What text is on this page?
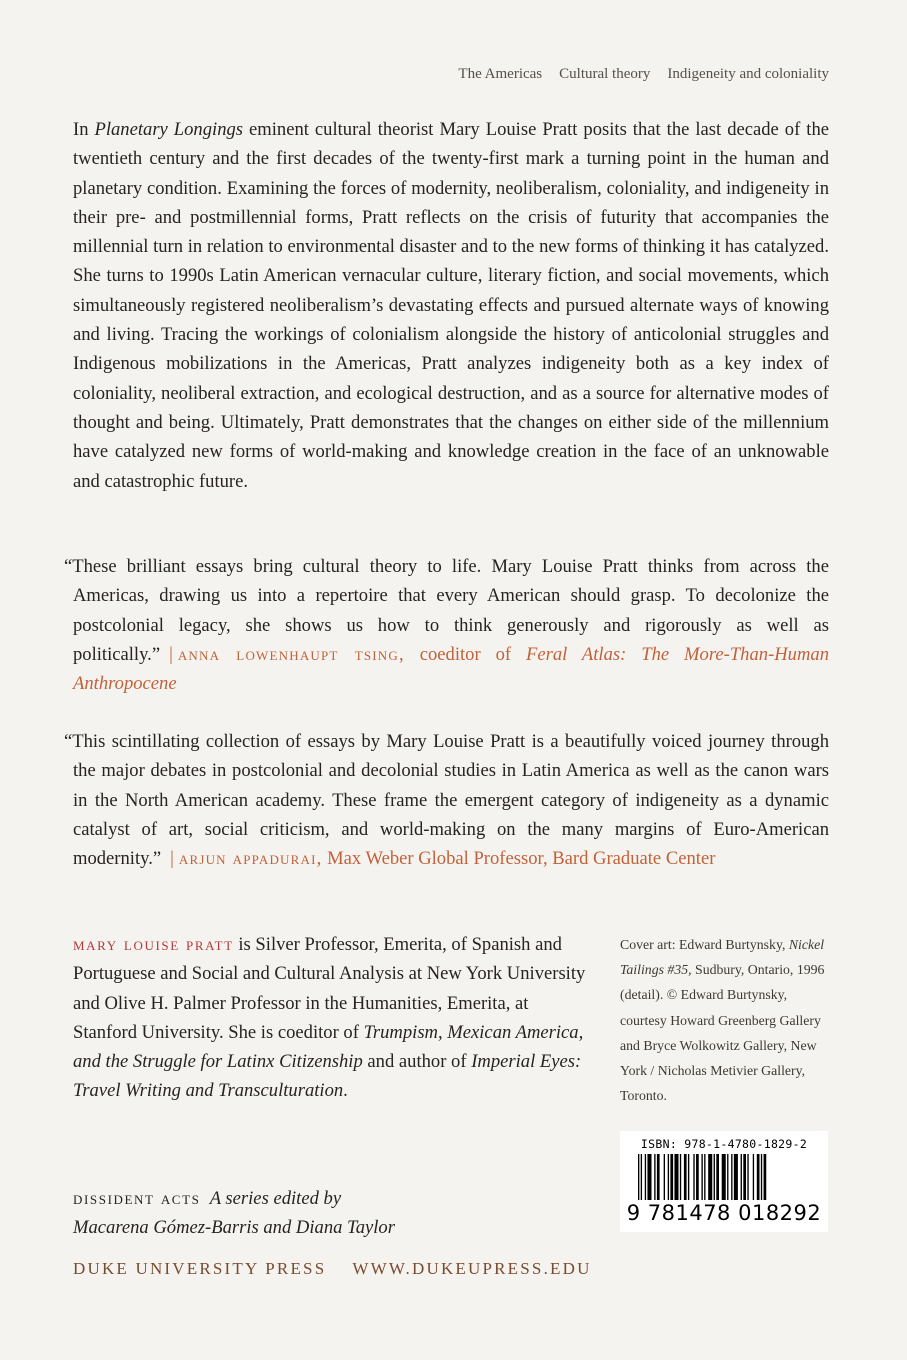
The Americas Cultural theory Indigeneity and coloniality

In Planetary Longings eminent cultural theorist Mary Louise Pratt posits that the last decade of the twentieth century and the first decades of the twenty-first mark a turning point in the human and planetary condition. Examining the forces of modernity, neoliberalism, coloniality, and indigeneity in their pre- and postmillennial forms, Pratt reflects on the crisis of futurity that accompanies the millennial turn in relation to environmental disaster and to the new forms of thinking it has catalyzed. She turns to 1990s Latin American vernacular culture, literary fiction, and social movements, which simultaneously registered neoliberalism’s devastating effects and pursued alternate ways of knowing and living. Tracing the workings of colonialism alongside the history of anticolonial struggles and Indigenous mobilizations in the Americas, Pratt analyzes indigeneity both as a key index of coloniality, neoliberal extraction, and ecological destruction, and as a source for alternative modes of thought and being. Ultimately, Pratt demonstrates that the changes on either side of the millennium have catalyzed new forms of world-making and knowledge creation in the face of an unknowable and catastrophic future.

“These brilliant essays bring cultural theory to life. Mary Louise Pratt thinks from across the Americas, drawing us into a repertoire that every American should grasp. To decolonize the postcolonial legacy, she shows us how to think generously and rigorously as well as politically.” | anna lowenhaupt tsing, coeditor of Feral Atlas: The More-Than-Human Anthropocene

“This scintillating collection of essays by Mary Louise Pratt is a beautifully voiced journey through the major debates in postcolonial and decolonial studies in Latin America as well as the canon wars in the North American academy. These frame the emergent category of indigeneity as a dynamic catalyst of art, social criticism, and world-making on the many margins of Euro-American modernity.” | arjun appadurai, Max Weber Global Professor, Bard Graduate Center

mary louise pratt is Silver Professor, Emerita, of Spanish and Portuguese and Social and Cultural Analysis at New York University and Olive H. Palmer Professor in the Humanities, Emerita, at Stanford University. She is coeditor of Trumpism, Mexican America, and the Struggle for Latinx Citizenship and author of Imperial Eyes: Travel Writing and Transculturation.

Cover art: Edward Burtynsky, Nickel Tailings #35, Sudbury, Ontario, 1996 (detail). © Edward Burtynsky, courtesy Howard Greenberg Gallery and Bryce Wolkowitz Gallery, New York / Nicholas Metivier Gallery, Toronto.

ISBN: 978-1-4780-1829-2
9 781478 018292

dissident acts A series edited by
Macarena Gómez-Barris and Diana Taylor

DUKE UNIVERSITY PRESS WWW.DUKEUPRESS.EDU
